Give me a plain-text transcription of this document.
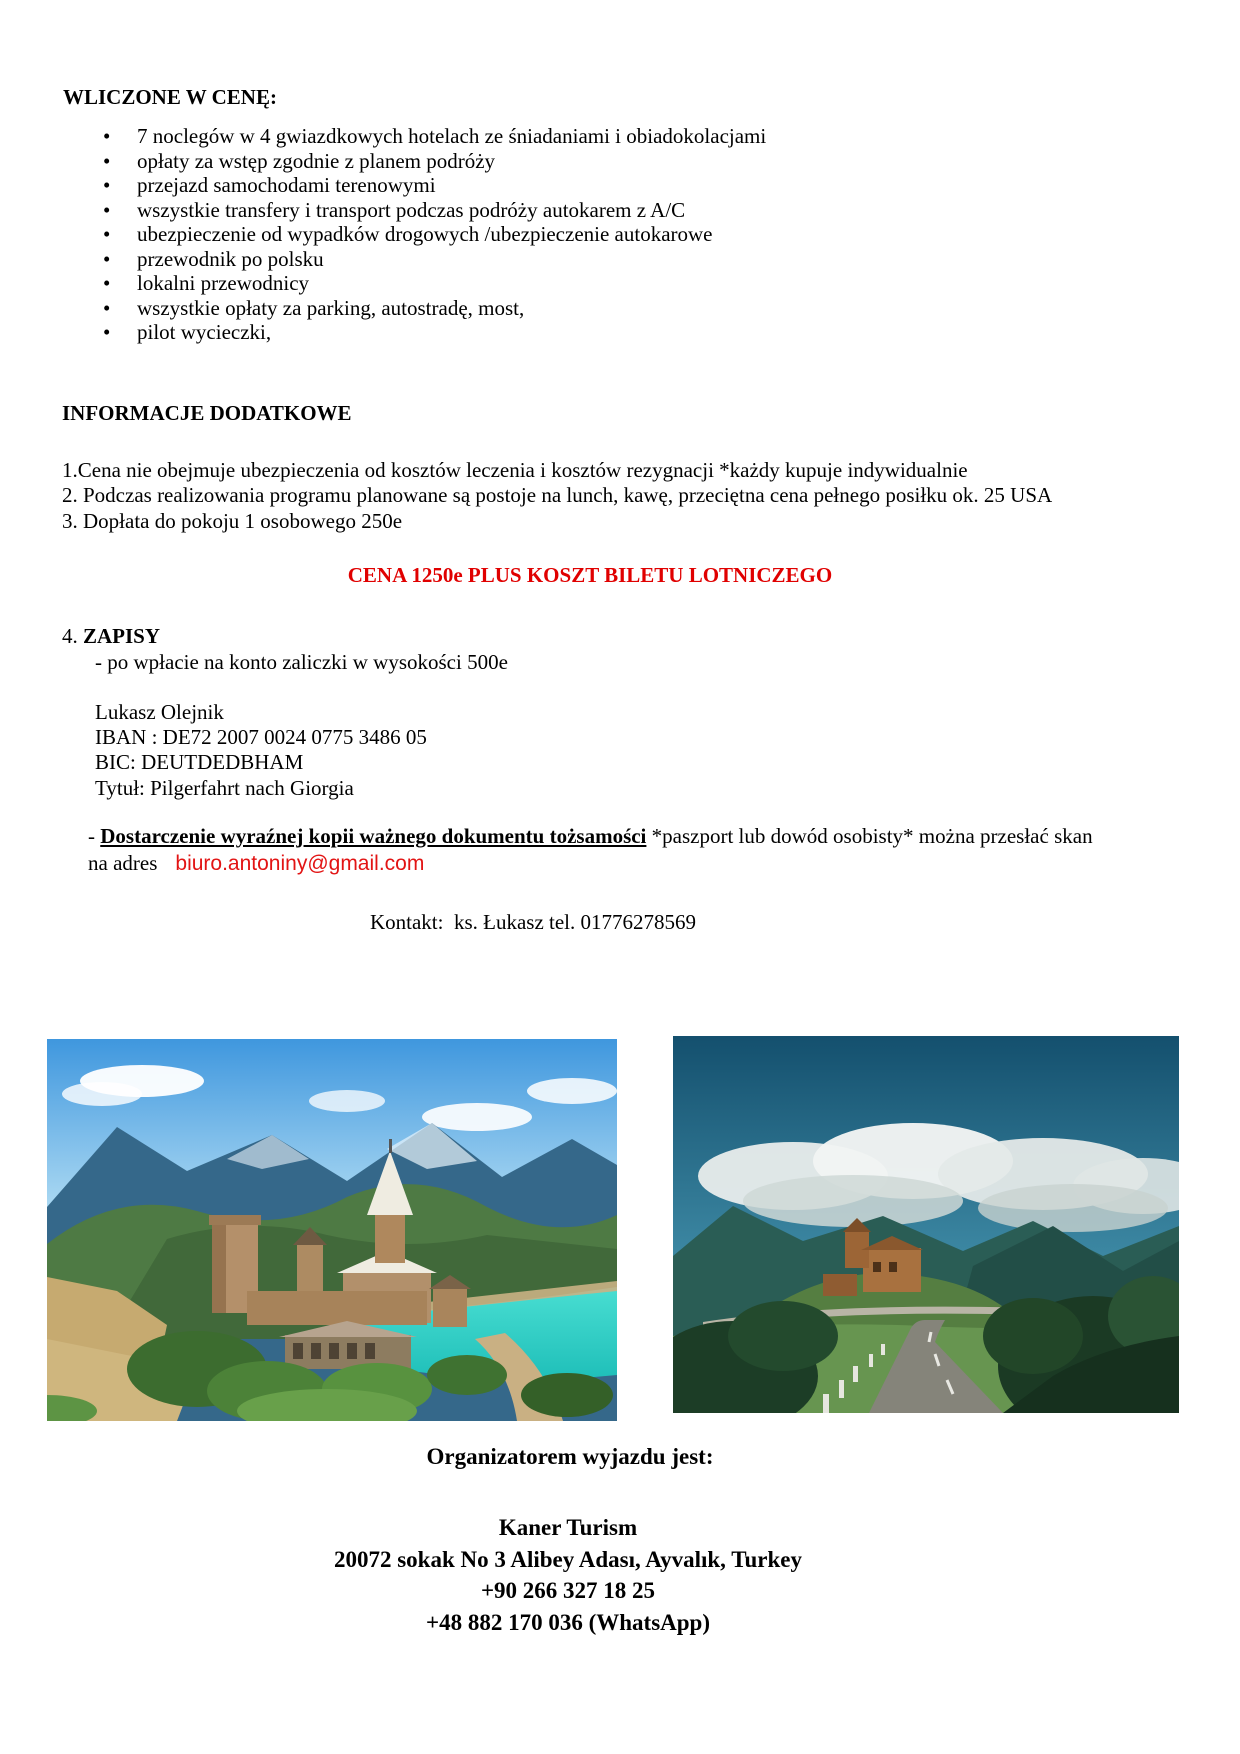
WLICZONE W CENĘ:
• 7 noclegów w 4 gwiazdkowych hotelach ze śniadaniami i obiadokolacjami
• opłaty za wstęp zgodnie z planem podróży
• przejazd samochodami terenowymi
• wszystkie transfery i transport podczas podróży autokarem z A/C
• ubezpieczenie od wypadków drogowych /ubezpieczenie autokarowe
• przewodnik po polsku
• lokalni przewodnicy
• wszystkie opłaty za parking, autostradę, most,
• pilot wycieczki,
INFORMACJE DODATKOWE
1.Cena nie obejmuje ubezpieczenia od kosztów leczenia i kosztów rezygnacji *każdy kupuje indywidualnie
2. Podczas realizowania programu planowane są postoje na lunch, kawę, przeciętna cena pełnego posiłku ok. 25 USA
3. Dopłata do pokoju 1 osobowego 250e
CENA 1250e PLUS KOSZT BILETU LOTNICZEGO
4. ZAPISY
- po wpłacie na konto zaliczki w wysokości 500e
Lukasz Olejnik
IBAN : DE72 2007 0024 0775 3486 05
BIC: DEUTDEDBHAM
Tytuł: Pilgerfahrt nach Giorgia
- Dostarczenie wyraźnej kopii ważnego dokumentu tożsamości *paszport lub dowód osobisty* można przesłać skan
na adres biuro.antoniny@gmail.com
Kontakt:  ks. Łukasz tel. 01776278569
Organizatorem wyjazdu jest:
Kaner Turism
20072 sokak No 3 Alibey Adası, Ayvalık, Turkey
+90 266 327 18 25
+48 882 170 036 (WhatsApp)
